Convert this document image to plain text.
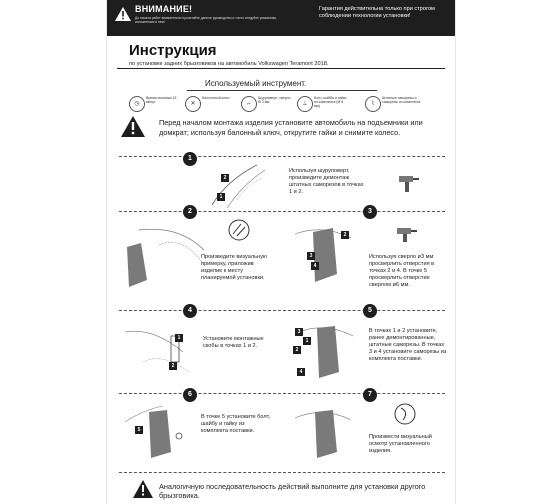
ВНИМАНИЕ!
До начала работ внимательно прочитайте данное руководство и точно следуйте указаниям, изложенным в нем!
Гарантия действительна только при строгом соблюдении технологии установки!
Инструкция
по установке задних брызговиков на автомобиль Volkswagen Teramont 2018.
Используемый инструмент.
◷
Время монтажа 15 минут	✕
Баллонный ключ
⌐
Шуруповерт, сверло Ø 3 мм	⊥
Болт, шайба и гайка из комплекта (Ø 6 мм)	⌇
Штатные саморезы и саморезы из комплекта
Перед началом монтажа изделия установите автомобиль на подъемники или домкрат; используя балонный ключ, открутите гайки и снимите колесо.
1
2
1
Используя шуруповерт, произведите демонтаж штатных саморезов в точках 1 и 2.
2
Произведите визуальную примерку, приложив изделие к месту планируемой установки.
3
2
3
4
Используя сверло ø3 мм просверлить отверстия в точках 2 и 4. В точке 5 просверлить отверстие сверлом ø6 мм.
4
1
2
Установите монтажные скобы в точках 1 и 2.
5
3
1
2
4
В точках 1 и 2 установите, ранее демонтированные, штатные саморезы. В точках 3 и 4 установите саморезы из комплекта поставки.
6
5
В точке 5 установите болт, шайбу и гайку из комплекта поставки.
7
Произвести визуальный осмотр установленного изделия.
Аналогичную последовательность действий выполните для установки другого брызговика.
